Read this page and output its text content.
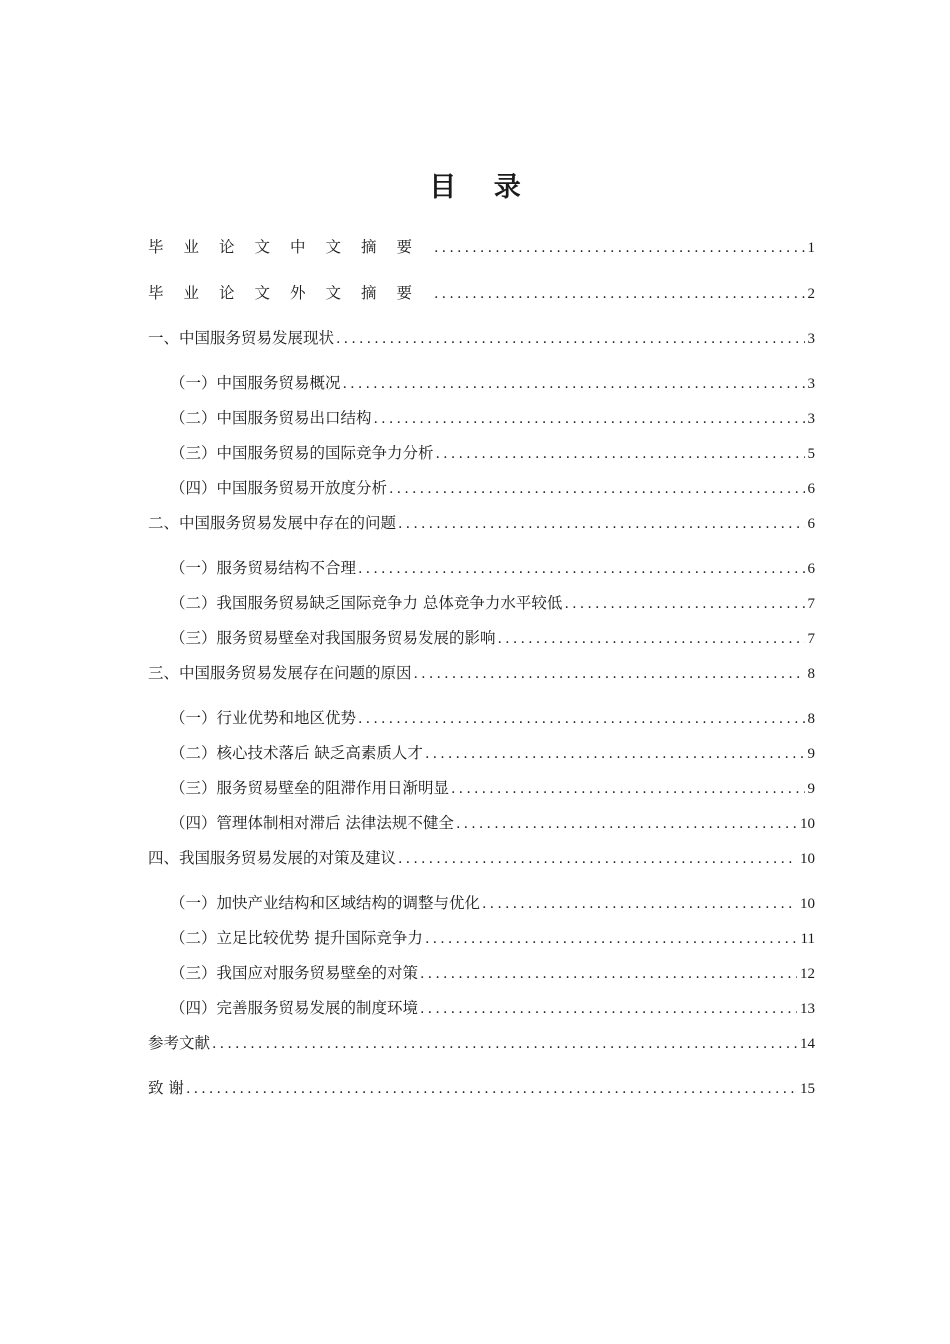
目 录
毕业论文中文摘要 .....	1
毕业论文外文摘要 .....	2
一、中国服务贸易发展现状 .....	3
（一）中国服务贸易概况 .....	3
（二）中国服务贸易出口结构 .....	3
（三）中国服务贸易的国际竞争力分析 .....	5
（四）中国服务贸易开放度分析 .....	6
二、中国服务贸易发展中存在的问题 .....	6
（一）服务贸易结构不合理 .....	6
（二）我国服务贸易缺乏国际竞争力 总体竞争力水平较低 .....	7
（三）服务贸易壁垒对我国服务贸易发展的影响 .....	7
三、中国服务贸易发展存在问题的原因 .....	8
（一）行业优势和地区优势 .....	8
（二）核心技术落后 缺乏高素质人才 .....	9
（三）服务贸易壁垒的阻滞作用日渐明显 .....	9
（四）管理体制相对滞后 法律法规不健全 .....	10
四、我国服务贸易发展的对策及建议 .....	10
（一）加快产业结构和区域结构的调整与优化 .....	10
（二）立足比较优势 提升国际竞争力 .....	11
（三）我国应对服务贸易壁垒的对策 .....	12
（四）完善服务贸易发展的制度环境 .....	13
参考文献 .....	14
致 谢 .....	15
